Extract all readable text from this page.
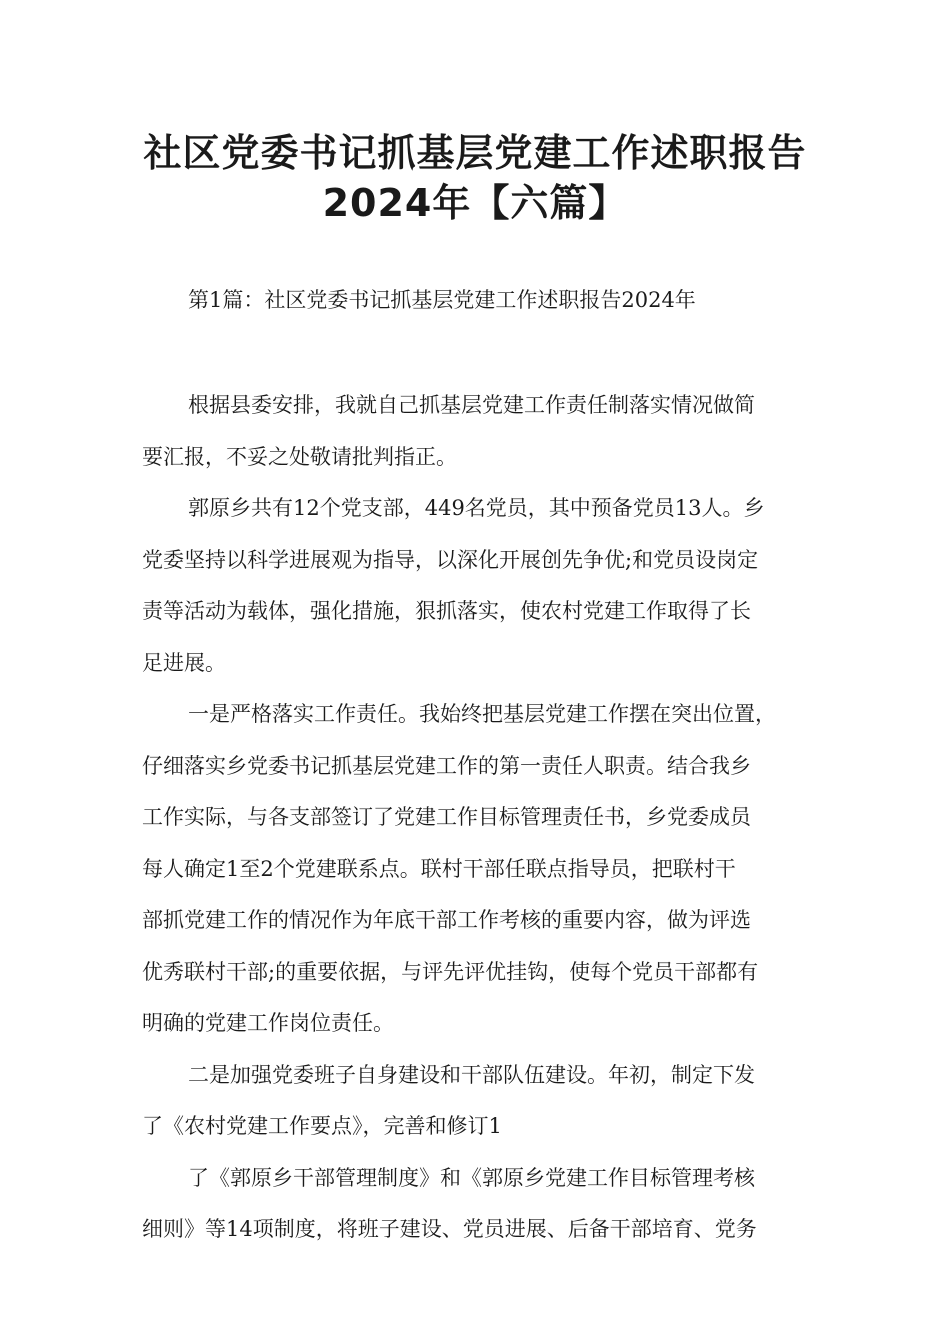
社区党委书记抓基层党建工作述职报告
2024年【六篇】

第1篇：社区党委书记抓基层党建工作述职报告2024年

根据县委安排，我就自己抓基层党建工作责任制落实情况做简
要汇报，不妥之处敬请批判指正。

郭原乡共有12个党支部，449名党员，其中预备党员13人。乡
党委坚持以科学进展观为指导，以深化开展创先争优;和党员设岗定
责等活动为载体，强化措施，狠抓落实，使农村党建工作取得了长
足进展。

一是严格落实工作责任。我始终把基层党建工作摆在突出位置，
仔细落实乡党委书记抓基层党建工作的第一责任人职责。结合我乡
工作实际，与各支部签订了党建工作目标管理责任书，乡党委成员
每人确定1至2个党建联系点。联村干部任联点指导员，把联村干
部抓党建工作的情况作为年底干部工作考核的重要内容，做为评选
优秀联村干部;的重要依据，与评先评优挂钩，使每个党员干部都有
明确的党建工作岗位责任。

二是加强党委班子自身建设和干部队伍建设。年初，制定下发
了《农村党建工作要点》，完善和修订1

了《郭原乡干部管理制度》和《郭原乡党建工作目标管理考核
细则》等14项制度，将班子建设、党员进展、后备干部培育、党务
